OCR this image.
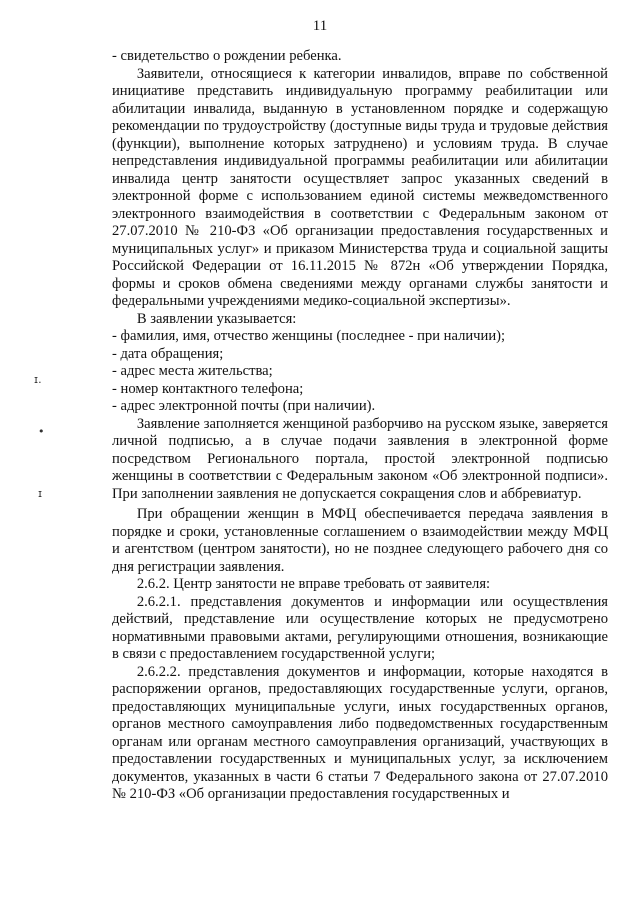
11
ɪ.
•
ɪ

- свидетельство о рождении ребенка.

Заявители, относящиеся к категории инвалидов, вправе по собственной инициативе представить индивидуальную программу реабилитации или абилитации инвалида, выданную в установленном порядке и содержащую рекомендации по трудоустройству (доступные виды труда и трудовые действия (функции), выполнение которых затруднено) и условиям труда. В случае непредставления индивидуальной программы реабилитации или абилитации инвалида центр занятости осуществляет запрос указанных сведений в электронной форме с использованием единой системы межведомственного электронного взаимодействия в соответствии с Федеральным законом от 27.07.2010 № 210-ФЗ «Об организации предоставления государственных и муниципальных услуг» и приказом Министерства труда и социальной защиты Российской Федерации от 16.11.2015 № 872н «Об утверждении Порядка, формы и сроков обмена сведениями между органами службы занятости и федеральными учреждениями медико-социальной экспертизы».

В заявлении указывается:

- фамилия, имя, отчество женщины (последнее - при наличии);

- дата обращения;

- адрес места жительства;

- номер контактного телефона;

- адрес электронной почты (при наличии).

Заявление заполняется женщиной разборчиво на русском языке, заверяется личной подписью, а в случае подачи заявления в электронной форме посредством Регионального портала, простой электронной подписью женщины в соответствии с Федеральным законом «Об электронной подписи». При заполнении заявления не допускается сокращения слов и аббревиатур.

При обращении женщин в МФЦ обеспечивается передача заявления в порядке и сроки, установленные соглашением о взаимодействии между МФЦ и агентством (центром занятости), но не позднее следующего рабочего дня со дня регистрации заявления.

2.6.2. Центр занятости не вправе требовать от заявителя:

2.6.2.1. представления документов и информации или осуществления действий, представление или осуществление которых не предусмотрено нормативными правовыми актами, регулирующими отношения, возникающие в связи с предоставлением государственной услуги;

2.6.2.2. представления документов и информации, которые находятся в распоряжении органов, предоставляющих государственные услуги, органов, предоставляющих муниципальные услуги, иных государственных органов, органов местного самоуправления либо подведомственных государственным органам или органам местного самоуправления организаций, участвующих в предоставлении государственных и муниципальных услуг, за исключением документов, указанных в части 6 статьи 7 Федерального закона от 27.07.2010 № 210-ФЗ «Об организации предоставления государственных и
